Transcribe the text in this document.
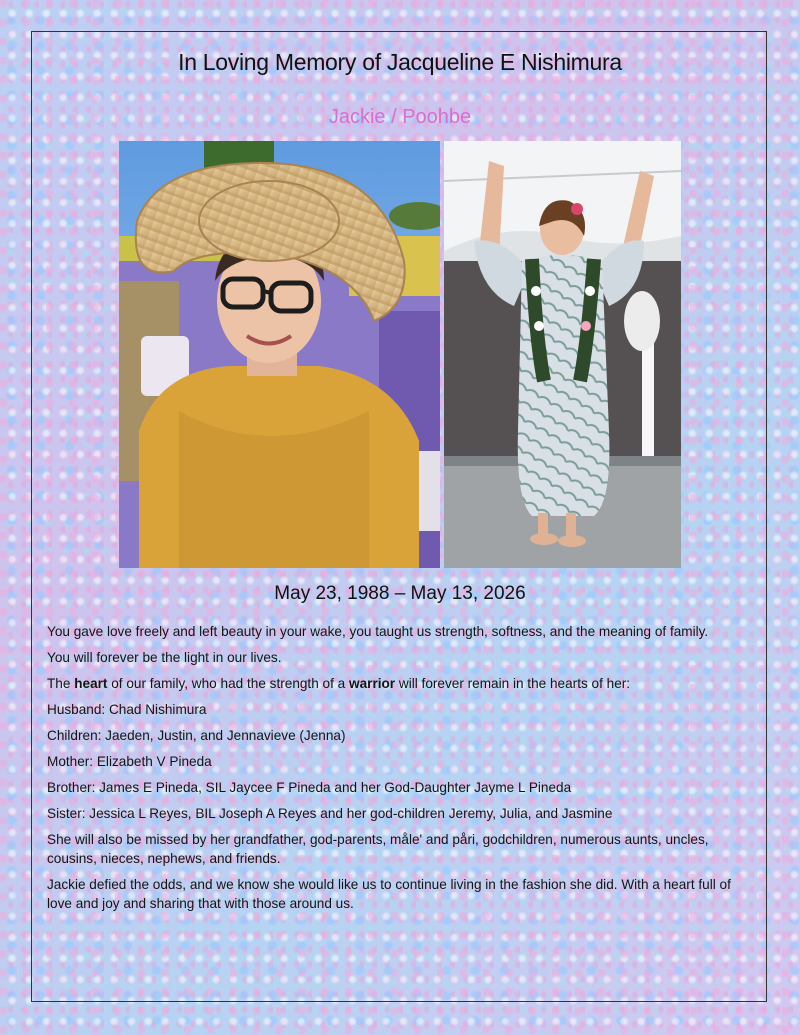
In Loving Memory of Jacqueline E Nishimura
Jackie / Poohbe
May 23, 1988 – May 13, 2026

You gave love freely and left beauty in your wake, you taught us strength, softness, and the meaning of family.

You will forever be the light in our lives.

The heart of our family, who had the strength of a warrior will forever remain in the hearts of her:

Husband: Chad Nishimura

Children: Jaeden, Justin, and Jennavieve (Jenna)

Mother: Elizabeth V Pineda

Brother: James E Pineda, SIL Jaycee F Pineda and her God-Daughter Jayme L Pineda

Sister: Jessica L Reyes, BIL Joseph A Reyes and her god-children Jeremy, Julia, and Jasmine

She will also be missed by her grandfather, god-parents, måle' and påri, godchildren, numerous aunts, uncles, cousins, nieces, nephews, and friends.

Jackie defied the odds, and we know she would like us to continue living in the fashion she did. With a heart full of love and joy and sharing that with those around us.
